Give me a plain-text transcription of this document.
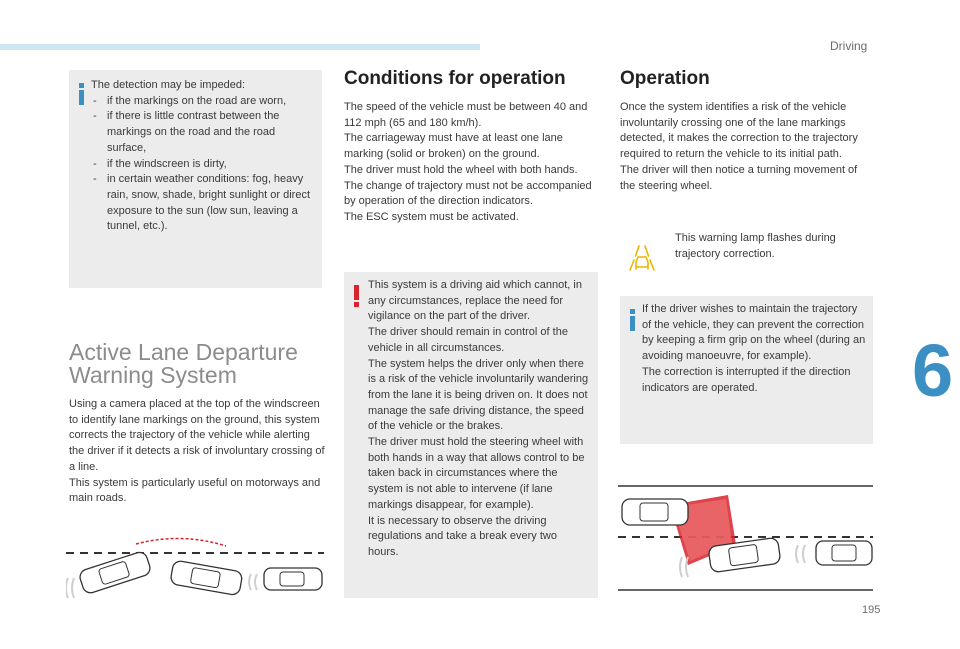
Driving
6
195

The detection may be impeded:

- if the markings on the road are worn,
- if there is little contrast between the markings on the road and the road surface,
- if the windscreen is dirty,
- in certain weather conditions: fog, heavy rain, snow, shade, bright sunlight or direct exposure to the sun (low sun, leaving a tunnel, etc.).
Active Lane Departure
Warning System

Using a camera placed at the top of the windscreen to identify lane markings on the ground, this system corrects the trajectory of the vehicle while alerting the driver if it detects a risk of involuntary crossing of a line.

This system is particularly useful on motorways and main roads.

Conditions for operation

The speed of the vehicle must be between 40 and 112 mph (65 and 180 km/h).

The carriageway must have at least one lane marking (solid or broken) on the ground.

The driver must hold the wheel with both hands.

The change of trajectory must not be accompanied by operation of the direction indicators.

The ESC system must be activated.

This system is a driving aid which cannot, in any circumstances, replace the need for vigilance on the part of the driver.

The driver should remain in control of the vehicle in all circumstances.

The system helps the driver only when there is a risk of the vehicle involuntarily wandering from the lane it is being driven on. It does not manage the safe driving distance, the speed of the vehicle or the brakes.

The driver must hold the steering wheel with both hands in a way that allows control to be taken back in circumstances where the system is not able to intervene (if lane markings disappear, for example).

It is necessary to observe the driving regulations and take a break every two hours.

Operation

Once the system identifies a risk of the vehicle involuntarily crossing one of the lane markings detected, it makes the correction to the trajectory required to return the vehicle to its initial path.

The driver will then notice a turning movement of the steering wheel.

This warning lamp flashes during trajectory correction.

If the driver wishes to maintain the trajectory of the vehicle, they can prevent the correction by keeping a firm grip on the wheel (during an avoiding manoeuvre, for example).

The correction is interrupted if the direction indicators are operated.
